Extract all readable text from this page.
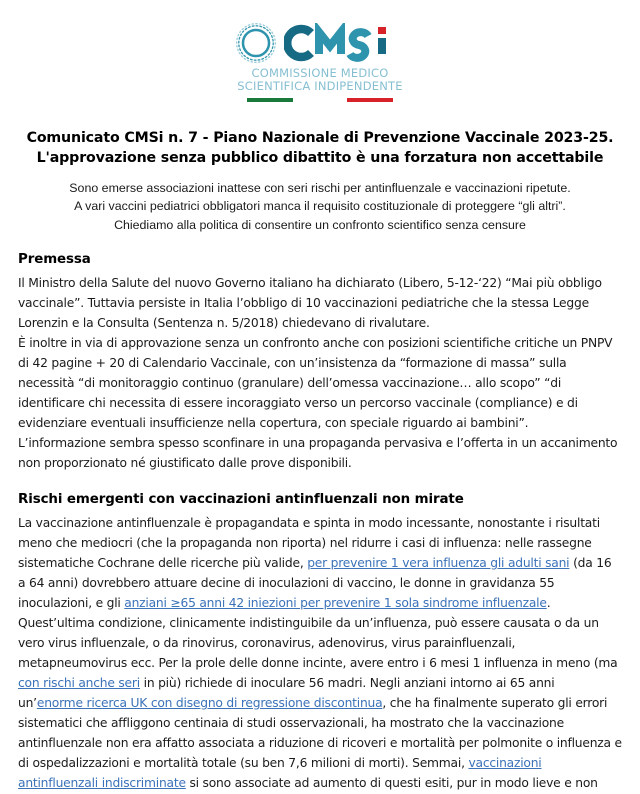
COMMISSIONE MEDICO
SCIENTIFICA INDIPENDENTE
Comunicato CMSi n. 7 - Piano Nazionale di Prevenzione Vaccinale 2023-25.
L'approvazione senza pubblico dibattito è una forzatura non accettabile
Sono emerse associazioni inattese con seri rischi per antinfluenzale e vaccinazioni ripetute.
A vari vaccini pediatrici obbligatori manca il requisito costituzionale di proteggere “gli altri”.
Chiediamo alla politica di consentire un confronto scientifico senza censure
Premessa

Il Ministro della Salute del nuovo Governo italiano ha dichiarato (Libero, 5-12-‘22) “Mai più obbligo vaccinale”. Tuttavia persiste in Italia l’obbligo di 10 vaccinazioni pediatriche che la stessa Legge Lorenzin e la Consulta (Sentenza n. 5/2018) chiedevano di rivalutare.

È inoltre in via di approvazione senza un confronto anche con posizioni scientifiche critiche un PNPV di 42 pagine + 20 di Calendario Vaccinale, con un’insistenza da “formazione di massa” sulla necessità “di monitoraggio continuo (granulare) dell’omessa vaccinazione… allo scopo” “di identificare chi necessita di essere incoraggiato verso un percorso vaccinale (compliance) e di evidenziare eventuali insufficienze nella copertura, con speciale riguardo ai bambini”.

L’informazione sembra spesso sconfinare in una propaganda pervasiva e l’offerta in un accanimento non proporzionato né giustificato dalle prove disponibili.

Rischi emergenti con vaccinazioni antinfluenzali non mirate

La vaccinazione antinfluenzale è propagandata e spinta in modo incessante, nonostante i risultati meno che mediocri (che la propaganda non riporta) nel ridurre i casi di influenza: nelle rassegne sistematiche Cochrane delle ricerche più valide, per prevenire 1 vera influenza gli adulti sani (da 16 a 64 anni) dovrebbero attuare decine di inoculazioni di vaccino, le donne in gravidanza 55 inoculazioni, e gli anziani ≥65 anni 42 iniezioni per prevenire 1 sola sindrome influenzale. Quest’ultima condizione, clinicamente indistinguibile da un’influenza, può essere causata o da un vero virus influenzale, o da rinovirus, coronavirus, adenovirus, virus parainfluenzali, metapneumovirus ecc. Per la prole delle donne incinte, avere entro i 6 mesi 1 influenza in meno (ma con rischi anche seri in più) richiede di inoculare 56 madri. Negli anziani intorno ai 65 anni un’enorme ricerca UK con disegno di regressione discontinua, che ha finalmente superato gli errori sistematici che affliggono centinaia di studi osservazionali, ha mostrato che la vaccinazione antinfluenzale non era affatto associata a riduzione di ricoveri e mortalità per polmonite o influenza e di ospedalizzazioni e mortalità totale (su ben 7,6 milioni di morti). Semmai, vaccinazioni antinfluenzali indiscriminate si sono associate ad aumento di questi esiti, pur in modo lieve e non
